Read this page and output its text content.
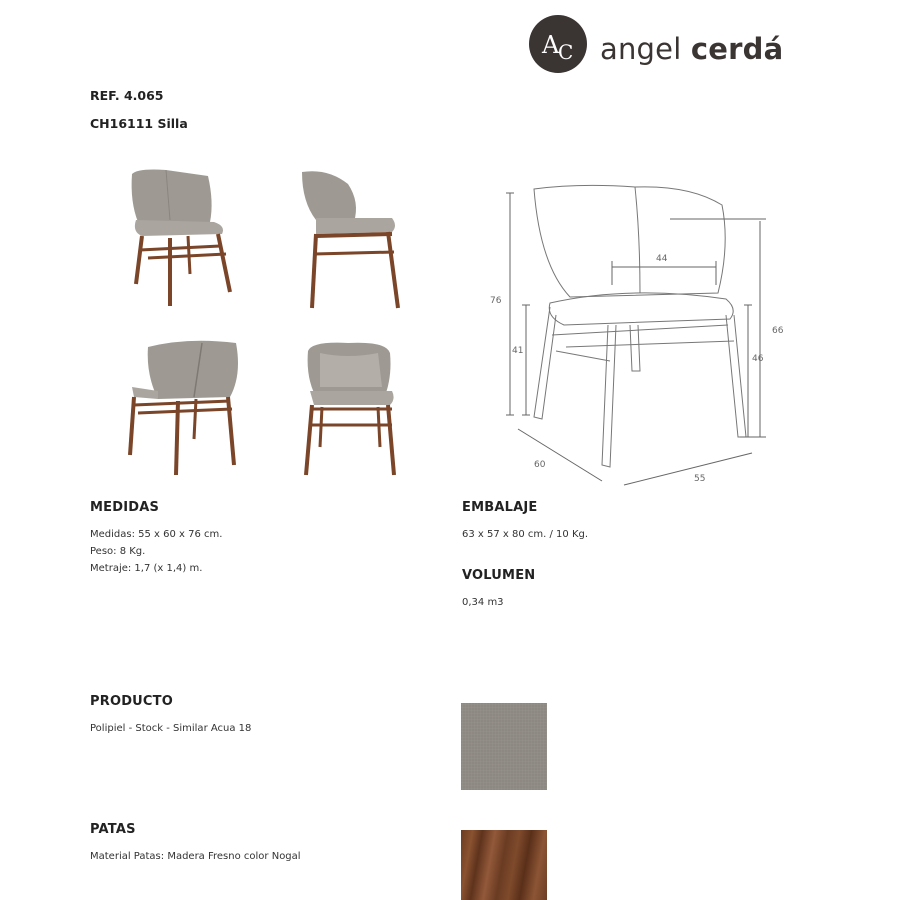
A
C angel cerdá
REF. 4.065
CH16111 Silla
76
41
44
66
46
60
55
MEDIDAS
Medidas: 55 x 60 x 76 cm.
Peso: 8 Kg.
Metraje: 1,7 (x 1,4) m.
EMBALAJE
63 x 57 x 80 cm. / 10 Kg.
VOLUMEN
0,34 m3
PRODUCTO
Polipiel - Stock - Similar Acua 18
PATAS
Material Patas: Madera Fresno color Nogal
